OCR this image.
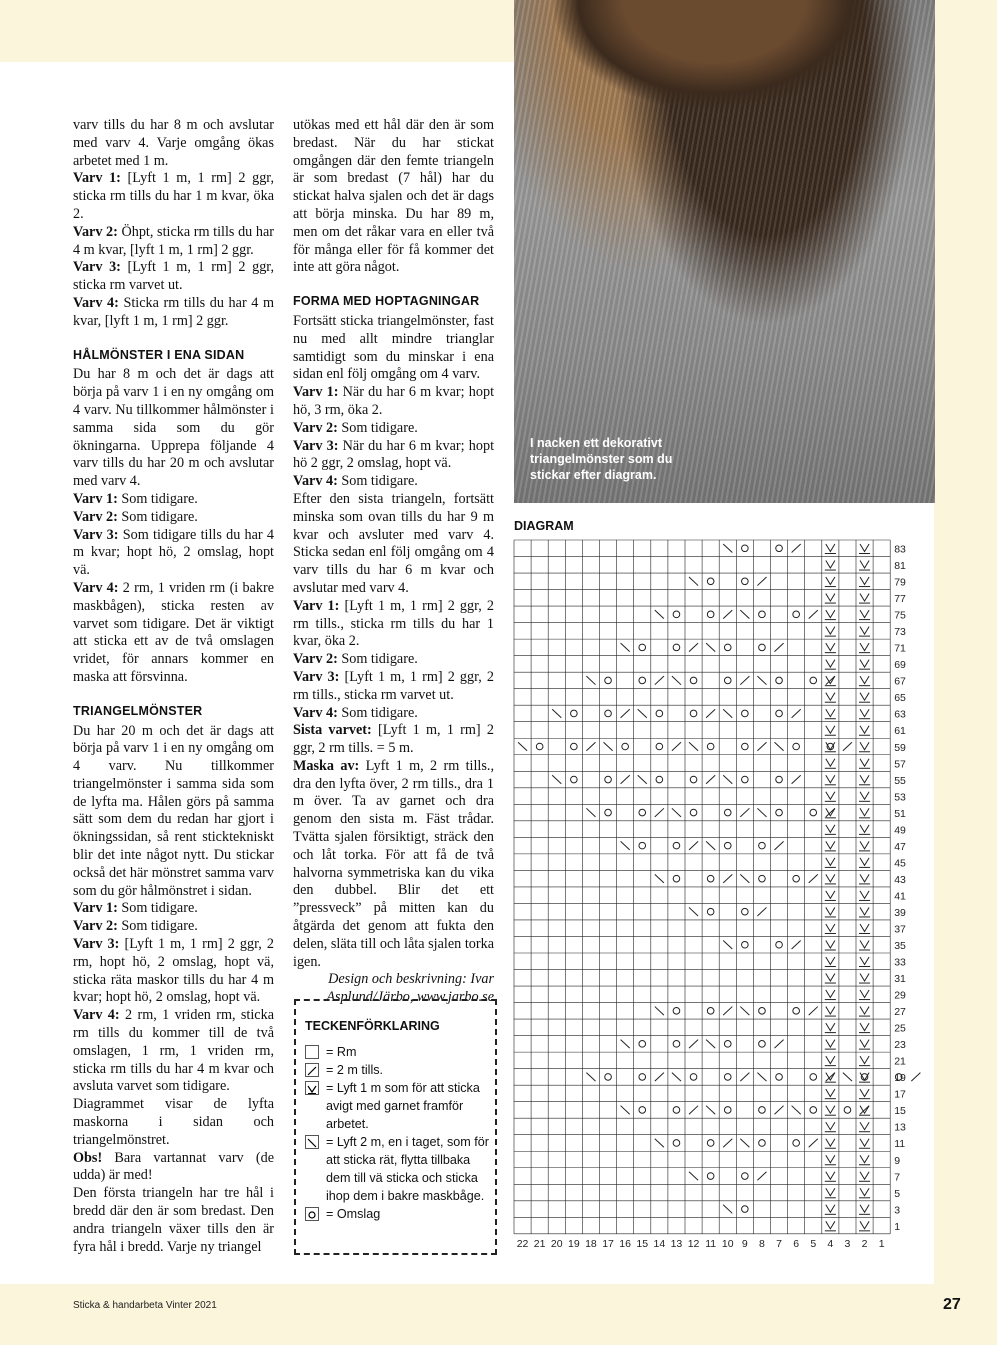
I nacken ett dekorativt triangelmönster som du stickar efter diagram.

varv tills du har 8 m och avslutar med varv 4. Varje omgång ökas arbetet med 1 m.

Varv 1: [Lyft 1 m, 1 rm] 2 ggr, sticka rm tills du har 1 m kvar, öka 2.

Varv 2: Öhpt, sticka rm tills du har 4 m kvar, [lyft 1 m, 1 rm] 2 ggr.

Varv 3: [Lyft 1 m, 1 rm] 2 ggr, sticka rm varvet ut.

Varv 4: Sticka rm tills du har 4 m kvar, [lyft 1 m, 1 rm] 2 ggr.

HÅLMÖNSTER I ENA SIDAN

Du har 8 m och det är dags att börja på varv 1 i en ny omgång om 4 varv. Nu tillkommer hålmönster i samma sida som du gör ökningarna. Upprepa följande 4 varv tills du har 20 m och avslutar med varv 4.

Varv 1: Som tidigare.

Varv 2: Som tidigare.

Varv 3: Som tidigare tills du har 4 m kvar; hopt hö, 2 omslag, hopt vä.

Varv 4: 2 rm, 1 vriden rm (i bakre maskbågen), sticka resten av varvet som tidigare. Det är viktigt att sticka ett av de två omslagen vridet, för annars kommer en maska att försvinna.

TRIANGELMÖNSTER

Du har 20 m och det är dags att börja på varv 1 i en ny omgång om 4 varv. Nu tillkommer triangelmönster i samma sida som de lyfta ma. Hålen görs på samma sätt som dem du redan har gjort i ökningssidan, så rent sticktekniskt blir det inte något nytt. Du stickar också det här mönstret samma varv som du gör hålmönstret i sidan.

Varv 1: Som tidigare.

Varv 2: Som tidigare.

Varv 3: [Lyft 1 m, 1 rm] 2 ggr, 2 rm, hopt hö, 2 omslag, hopt vä, sticka räta maskor tills du har 4 m kvar; hopt hö, 2 omslag, hopt vä.

Varv 4: 2 rm, 1 vriden rm, sticka rm tills du kommer till de två omslagen, 1 rm, 1 vriden rm, sticka rm tills du har 4 m kvar och avsluta varvet som tidigare.

Diagrammet visar de lyfta maskorna i sidan och triangelmönstret.

Obs! Bara vartannat varv (de udda) är med!

Den första triangeln har tre hål i bredd där den är som bredast. Den andra triangeln växer tills den är fyra hål i bredd. Varje ny triangel

utökas med ett hål där den är som bredast. När du har stickat omgången där den femte triangeln är som bredast (7 hål) har du stickat halva sjalen och det är dags att börja minska. Du har 89 m, men om det råkar vara en eller två för många eller för få kommer det inte att göra något.

FORMA MED HOPTAGNINGAR

Fortsätt sticka triangelmönster, fast nu med allt mindre trianglar samtidigt som du minskar i ena sidan enl följ omgång om 4 varv.

Varv 1: När du har 6 m kvar; hopt hö, 3 rm, öka 2.

Varv 2: Som tidigare.

Varv 3: När du har 6 m kvar; hopt hö 2 ggr, 2 omslag, hopt vä.

Varv 4: Som tidigare.

Efter den sista triangeln, fortsätt minska som ovan tills du har 9 m kvar och avsluter med varv 4. Sticka sedan enl följ omgång om 4 varv tills du har 6 m kvar och avslutar med varv 4.

Varv 1: [Lyft 1 m, 1 rm] 2 ggr, 2 rm tills., sticka rm tills du har 1 kvar, öka 2.

Varv 2: Som tidigare.

Varv 3: [Lyft 1 m, 1 rm] 2 ggr, 2 rm tills., sticka rm varvet ut.

Varv 4: Som tidigare.

Sista varvet: [Lyft 1 m, 1 rm] 2 ggr, 2 rm tills. = 5 m.

Maska av: Lyft 1 m, 2 rm tills., dra den lyfta över, 2 rm tills., dra 1 m över. Ta av garnet och dra genom den sista m. Fäst trådar. Tvätta sjalen försiktigt, sträck den och låt torka. För att få de två halvorna symmetriska kan du vika den dubbel. Blir det ett ”pressveck” på mitten kan du åtgärda det genom att fukta den delen, släta till och låta sjalen torka igen.

Design och beskrivning: Ivar Asplund/Järbo, www.jarbo.se

TECKENFÖRKLARING
= Rm
= 2 m tills.
= Lyft 1 m som för att sticka avigt med garnet framför arbetet.
= Lyft 2 m, en i taget, som för att sticka rät, flytta tillbaka dem till vä sticka och sticka ihop dem i bakre maskbåge.
= Omslag
DIAGRAM
83
81
79
77
75
73
71
69
67
65
63
61
59
57
55
53
51
49
47
45
43
41
39
37
35
33
31
29
27
25
23
21
19
17
15
13
11
9
7
5
3
1
22 21 20 19 18 17 16 15 14 13 12 11 10 9 8 7 6 5 4 3 2 1
Sticka & handarbeta Vinter 2021	27
